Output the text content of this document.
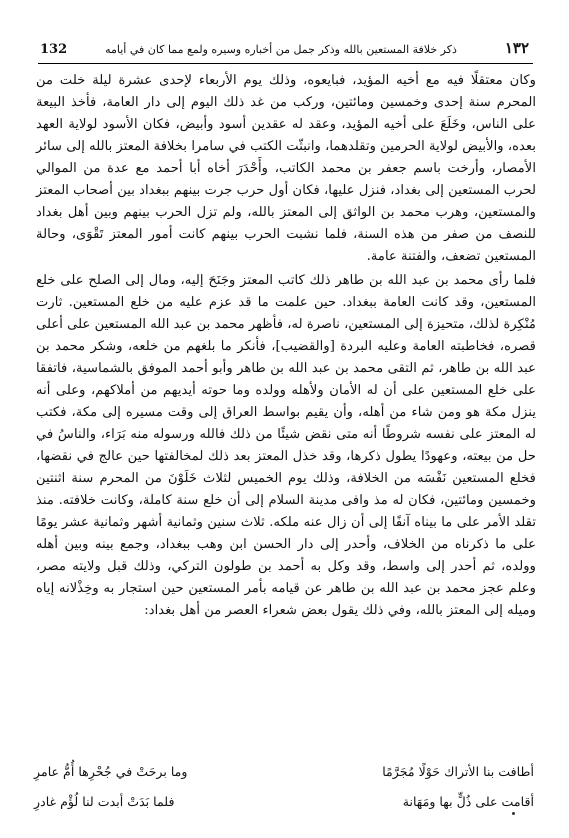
132	ذكر خلافة المستعين بالله وذكر جمل من أخباره وسيره ولمع مما كان في أيامه	١٣٢

وكان معتقلًا فيه مع أخيه المؤيد، فبايعوه، وذلك يوم الأربعاء لإحدى عشرة ليلة خلت من المحرم سنة إحدى وخمسين ومائتين، وركب من غد ذلك اليوم إلى دار العامة، فأخذ البيعة على الناس، وخَلَعَ على أخيه المؤيد، وعقد له عقدين أسود وأبيض، فكان الأسود لولاية العهد بعده، والأبيض لولاية الحرمين وتقلدهما، وانبثّت الكتب في سامرا بخلافة المعتز بالله إلى سائر الأمصار، وأرخت باسم جعفر بن محمد الكاتب، وأَحْدَرَ أخاه أبا أحمد مع عدة من الموالي لحرب المستعين إلى بغداد، فنزل عليها، فكان أول حرب جرت بينهم ببغداد بين أصحاب المعتز والمستعين، وهرب محمد بن الواثق إلى المعتز بالله، ولم تزل الحرب بينهم وبين أهل بغداد للنصف من صفر من هذه السنة، فلما نشبت الحرب بينهم كانت أمور المعتز تَقْوَى، وحالة المستعين تضعف، والفتنة عامة.

فلما رأى محمد بن عبد الله بن طاهر ذلك كاتب المعتز وجَنَحَ إليه، ومال إلى الصلح على خلع المستعين، وقد كانت العامة ببغداد. حين علمت ما قد عزم عليه من خلع المستعين. ثارت مُنْكِرة لذلك، متحيزة إلى المستعين، ناصرة له، فأظهر محمد بن عبد الله المستعين على أعلى قصره، فخاطبته العامة وعليه البردة [والقضيب]، فأنكر ما بلغهم من خلعه، وشكر محمد بن عبد الله بن طاهر، ثم التقى محمد بن عبد الله بن طاهر وأبو أحمد الموفق بالشماسية، فاتفقا على خلع المستعين على أن له الأمان ولأهله وولده وما حوته أيديهم من أملاكهم، وعلى أنه ينزل مكة هو ومن شاء من أهله، وأن يقيم بواسط العراق إلى وقت مسيره إلى مكة، فكتب له المعتز على نفسه شروطًا أنه متى نقض شيئًا من ذلك فالله ورسوله منه بَرَاء، والناسُ في حل من بيعته، وعهودًا يطول ذكرها، وقد خذل المعتز بعد ذلك لمخالفتها حين عالج في نقضها، فخلع المستعين نَفْسَه من الخلافة، وذلك يوم الخميس لثلاث خَلَوْنَ من المحرم سنة اثنتين وخمسين ومائتين، فكان له مذ وافى مدينة السلام إلى أن خلع سنة كاملة، وكانت خلافته. منذ تقلد الأمر على ما بيناه آنفًا إلى أن زال عنه ملكه. ثلاث سنين وثمانية أشهر وثمانية عشر يومًا على ما ذكرناه من الخلاف، وأحدر إلى دار الحسن ابن وهب ببغداد، وجمع بينه وبين أهله وولده، ثم أحدر إلى واسط، وقد وكل به أحمد بن طولون التركي، وذلك قبل ولايته مصر، وعلم عجز محمد بن عبد الله بن طاهر عن قيامه بأمر المستعين حين استجار به وخِذْلانه إياه وميله إلى المعتز بالله، وفي ذلك يقول بعض شعراء العصر من أهل بغداد:

أطافت بنا الأتراك حَوْلًا مُجَرَّمًا
وما برحَتْ في جُحْرِها أُمُّ عامرِ
أقامت على ذُلٍّ بها ومَهَانة
فلما بَدَتْ أبدت لنا لُؤْم غادرِ
